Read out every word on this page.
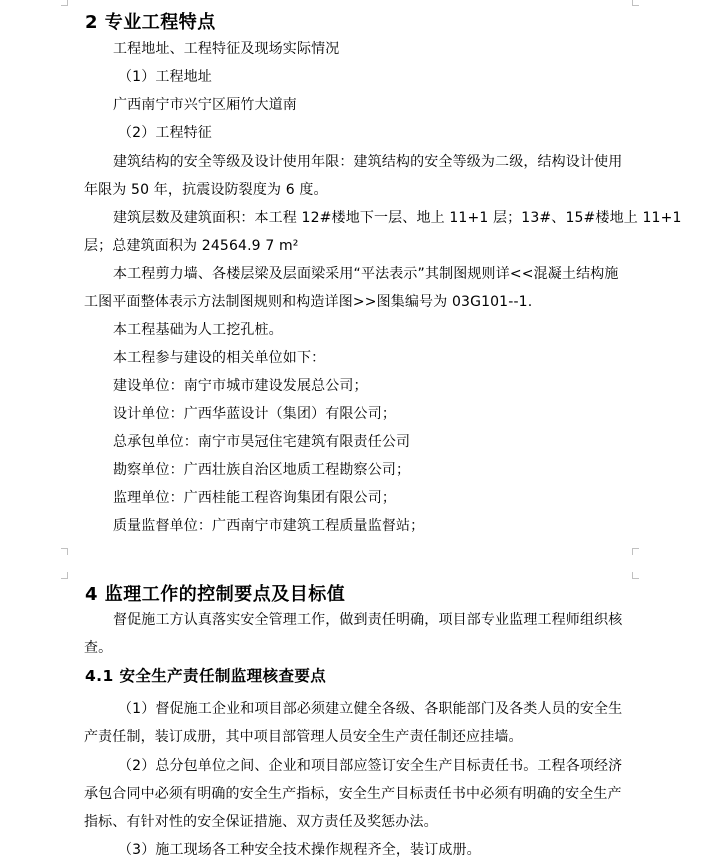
2 专业工程特点
工程地址、工程特征及现场实际情况
（1）工程地址
广西南宁市兴宁区厢竹大道南
（2）工程特征
建筑结构的安全等级及设计使用年限：建筑结构的安全等级为二级，结构设计使用
年限为 50 年，抗震设防裂度为 6 度。
建筑层数及建筑面积：本工程 12#楼地下一层、地上 11+1 层；13#、15#楼地上 11+1
层；总建筑面积为 24564.9 7 m²
本工程剪力墙、各楼层梁及层面梁采用“平法表示”其制图规则详<<混凝土结构施
工图平面整体表示方法制图规则和构造详图>>图集编号为 03G101--1.
本工程基础为人工挖孔桩。
本工程参与建设的相关单位如下：
建设单位：南宁市城市建设发展总公司；
设计单位：广西华蓝设计（集团）有限公司；
总承包单位：南宁市昊冠住宅建筑有限责任公司
勘察单位：广西壮族自治区地质工程勘察公司；
监理单位：广西桂能工程咨询集团有限公司；
质量监督单位：广西南宁市建筑工程质量监督站；
4 监理工作的控制要点及目标值
督促施工方认真落实安全管理工作，做到责任明确，项目部专业监理工程师组织核
查。
4.1 安全生产责任制监理核查要点
（1）督促施工企业和项目部必须建立健全各级、各职能部门及各类人员的安全生
产责任制，装订成册，其中项目部管理人员安全生产责任制还应挂墙。
（2）总分包单位之间、企业和项目部应签订安全生产目标责任书。工程各项经济
承包合同中必须有明确的安全生产指标，安全生产目标责任书中必须有明确的安全生产
指标、有针对性的安全保证措施、双方责任及奖惩办法。
（3）施工现场各工种安全技术操作规程齐全，装订成册。
